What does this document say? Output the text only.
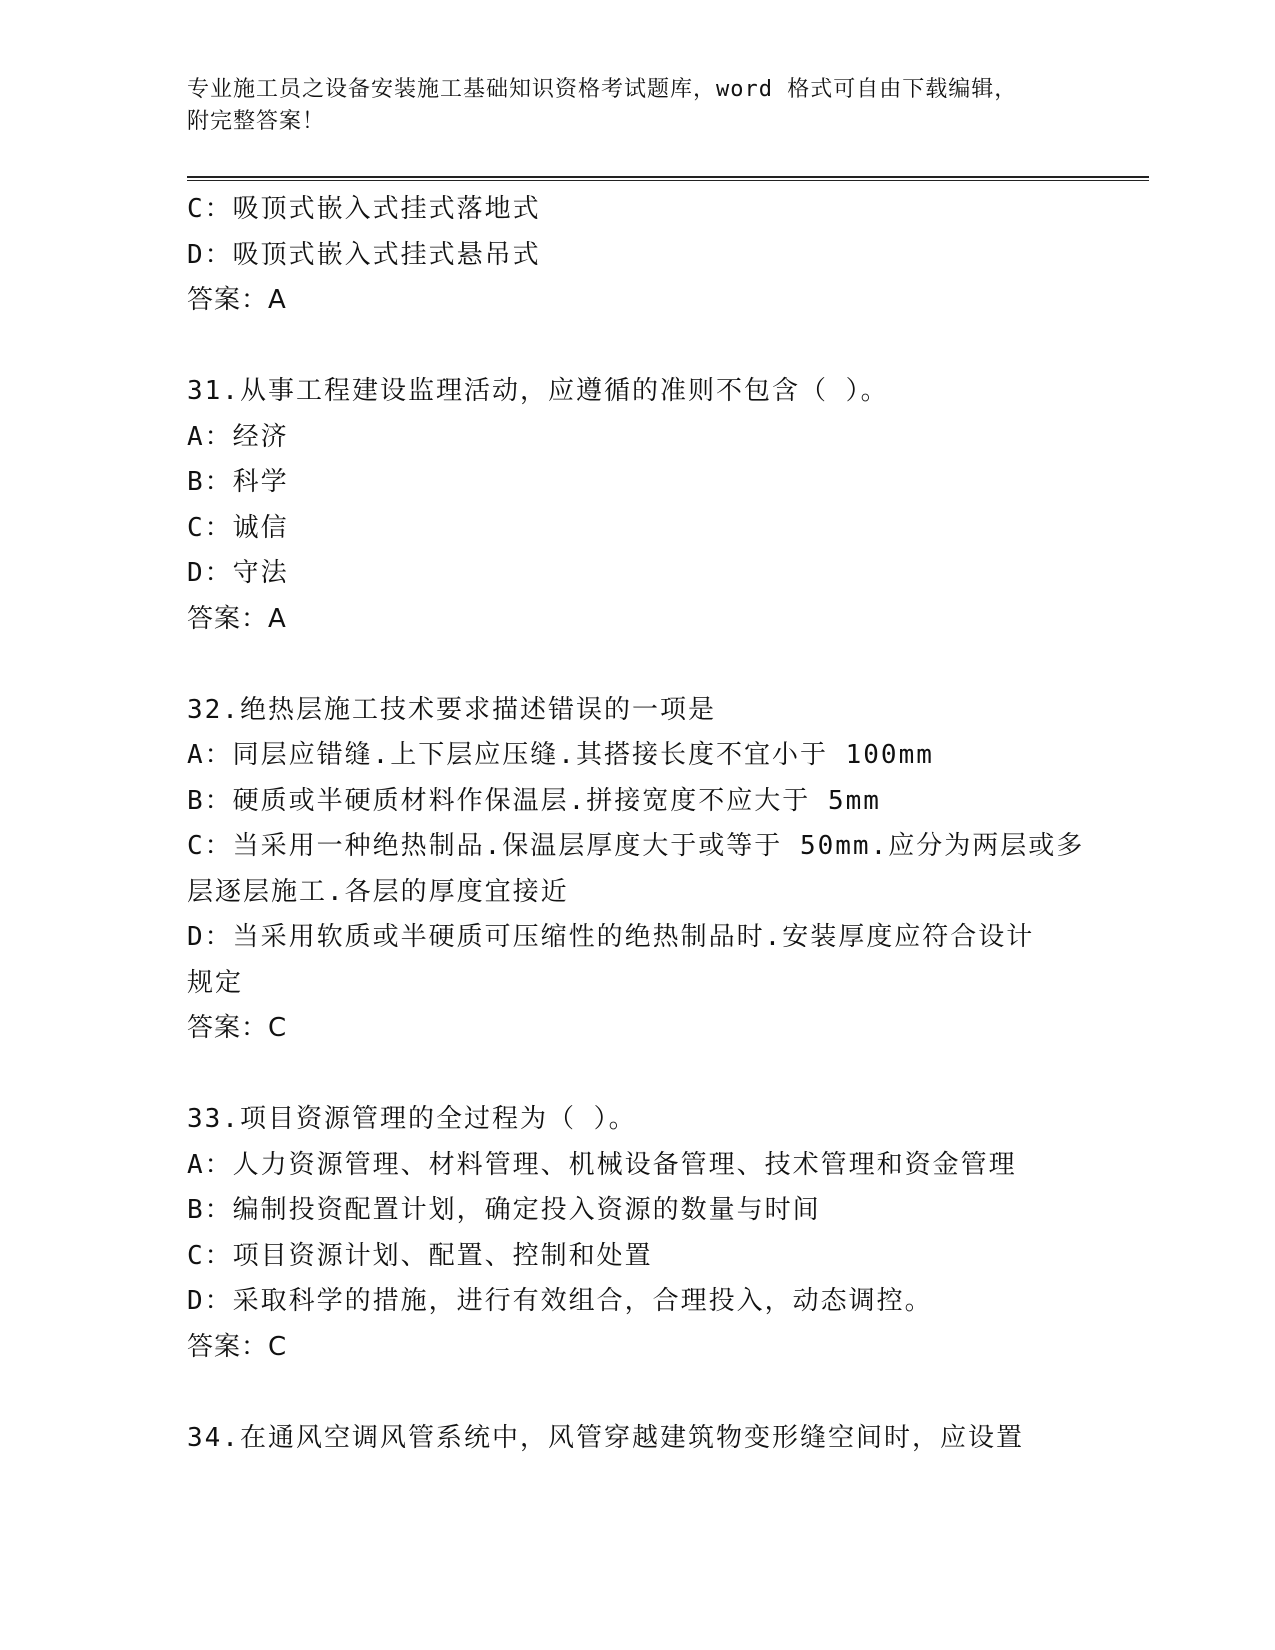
专业施工员之设备安装施工基础知识资格考试题库，word 格式可自由下载编辑，
附完整答案！
C：吸顶式嵌入式挂式落地式
D：吸顶式嵌入式挂式悬吊式
答案：A
31.从事工程建设监理活动，应遵循的准则不包含（ ）。
A：经济
B：科学
C：诚信
D：守法
答案：A
32.绝热层施工技术要求描述错误的一项是
A：同层应错缝.上下层应压缝.其搭接长度不宜小于 100mm
B：硬质或半硬质材料作保温层.拼接宽度不应大于 5mm
C：当采用一种绝热制品.保温层厚度大于或等于 50mm.应分为两层或多
层逐层施工.各层的厚度宜接近
D：当采用软质或半硬质可压缩性的绝热制品时.安装厚度应符合设计
规定
答案：C
33.项目资源管理的全过程为（ ）。
A：人力资源管理、材料管理、机械设备管理、技术管理和资金管理
B：编制投资配置计划，确定投入资源的数量与时间
C：项目资源计划、配置、控制和处置
D：采取科学的措施，进行有效组合，合理投入，动态调控。
答案：C
34.在通风空调风管系统中，风管穿越建筑物变形缝空间时，应设置
